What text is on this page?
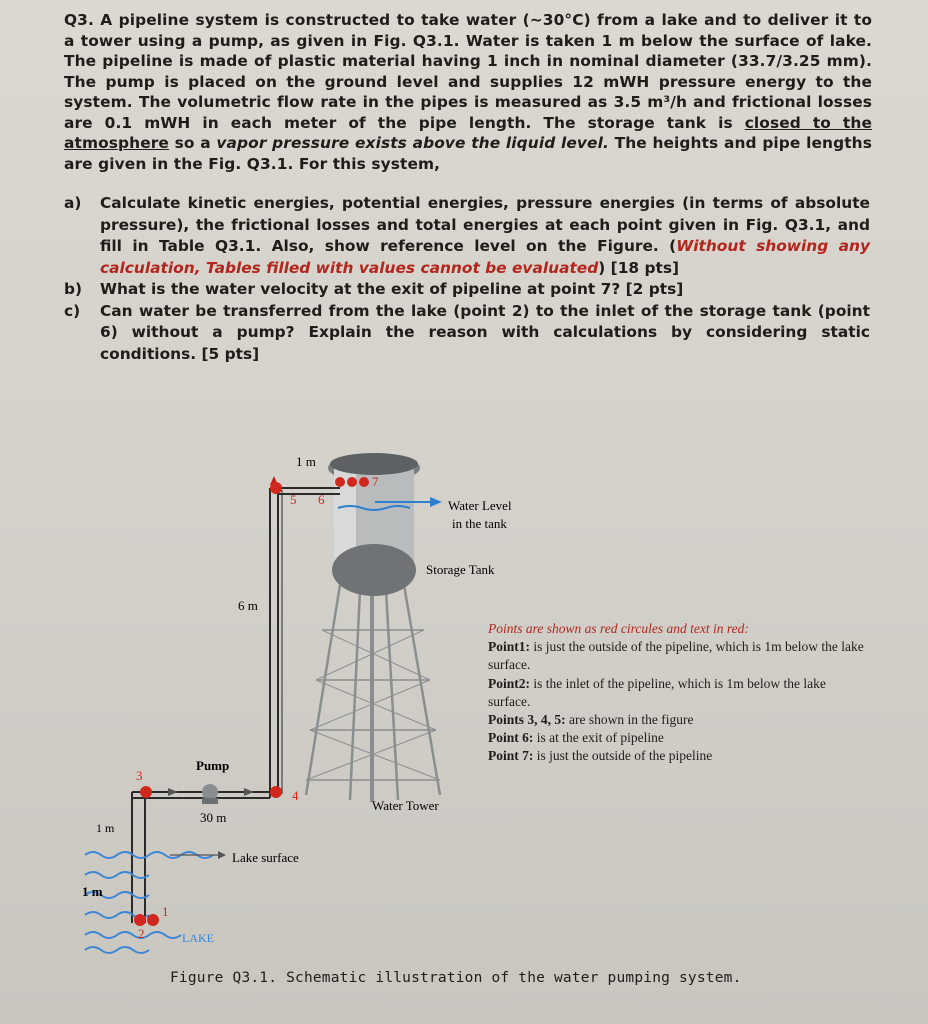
Q3. A pipeline system is constructed to take water (~30°C) from a lake and to deliver it to a tower using a pump, as given in Fig. Q3.1. Water is taken 1 m below the surface of lake. The pipeline is made of plastic material having 1 inch in nominal diameter (33.7/3.25 mm). The pump is placed on the ground level and supplies 12 mWH pressure energy to the system. The volumetric flow rate in the pipes is measured as 3.5 m³/h and frictional losses are 0.1 mWH in each meter of the pipe length. The storage tank is closed to the atmosphere so a vapor pressure exists above the liquid level. The heights and pipe lengths are given in the Fig. Q3.1. For this system,
a)	Calculate kinetic energies, potential energies, pressure energies (in terms of absolute pressure), the frictional losses and total energies at each point given in Fig. Q3.1, and fill in Table Q3.1. Also, show reference level on the Figure. (Without showing any calculation, Tables filled with values cannot be evaluated) [18 pts]
b)	What is the water velocity at the exit of pipeline at point 7? [2 pts]
c)	Can water be transferred from the lake (point 2) to the inlet of the storage tank (point 6) without a pump? Explain the reason with calculations by considering static conditions. [5 pts]
3
4
5 6
7
1
2
1 m
Water Level
in the tank
Storage Tank
6 m
Pump
30 m
Water Tower
Lake surface
1 m
1 m
LAKE
Points are shown as red circules and text in red:
Point1: is just the outside of the pipeline, which is 1m below the lake surface.
Point2: is the inlet of the pipeline, which is 1m below the lake surface.
Points 3, 4, 5: are shown in the figure
Point 6: is at the exit of pipeline
Point 7: is just the outside of the pipeline
Figure Q3.1. Schematic illustration of the water pumping system.
